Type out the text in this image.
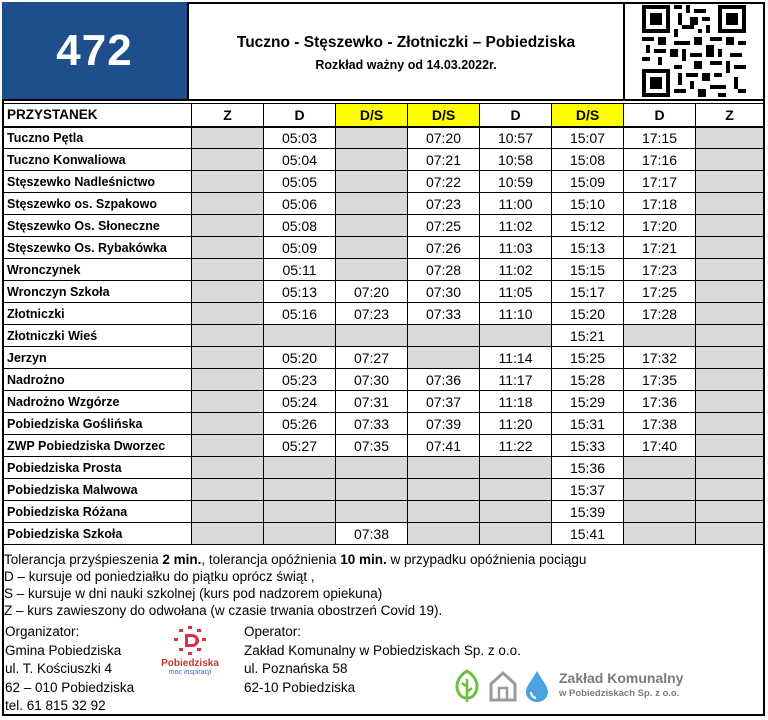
472	Tuczno - Stęszewko - Złotniczki – Pobiedziska
Rozkład ważny od 14.03.2022r.
PRZYSTANEK	Z	D	D/S	D/S	D	D/S	D	Z
Tuczno Pętla		05:03		07:20	10:57	15:07	17:15	
Tuczno Konwaliowa		05:04		07:21	10:58	15:08	17:16	
Stęszewko Nadleśnictwo		05:05		07:22	10:59	15:09	17:17	
Stęszewko os. Szpakowo		05:06		07:23	11:00	15:10	17:18	
Stęszewko Os. Słoneczne		05:08		07:25	11:02	15:12	17:20	
Stęszewko Os. Rybakówka		05:09		07:26	11:03	15:13	17:21	
Wronczynek		05:11		07:28	11:02	15:15	17:23	
Wronczyn Szkoła		05:13	07:20	07:30	11:05	15:17	17:25	
Złotniczki		05:16	07:23	07:33	11:10	15:20	17:28	
Złotniczki Wieś						15:21		
Jerzyn		05:20	07:27		11:14	15:25	17:32	
Nadrożno		05:23	07:30	07:36	11:17	15:28	17:35	
Nadrożno Wzgórze		05:24	07:31	07:37	11:18	15:29	17:36	
Pobiedziska Goślińska		05:26	07:33	07:39	11:20	15:31	17:38	
ZWP Pobiedziska Dworzec		05:27	07:35	07:41	11:22	15:33	17:40	
Pobiedziska Prosta						15:36		
Pobiedziska Malwowa						15:37		
Pobiedziska Różana						15:39		
Pobiedziska Szkoła			07:38			15:41		

Tolerancja przyśpieszenia 2 min., tolerancja opóźnienia 10 min. w przypadku opóźnienia pociągu

D – kursuje od poniedziałku do piątku oprócz świąt ,

S – kursuje w dni nauki szkolnej (kurs pod nadzorem opiekuna)

Z – kurs zawieszony do odwołana (w czasie trwania obostrzeń Covid 19).

Organizator:

Gmina Pobiedziska

ul. T. Kościuszki 4

62 – 010 Pobiedziska

tel. 61 815 32 92

Pobiedziska
moc inspiracji

Operator:

Zakład Komunalny w Pobiedziskach Sp. z o.o.

ul. Poznańska 58

62-10 Pobiedziska

Zakład Komunalny
w Pobiedziskach Sp. z o.o.
